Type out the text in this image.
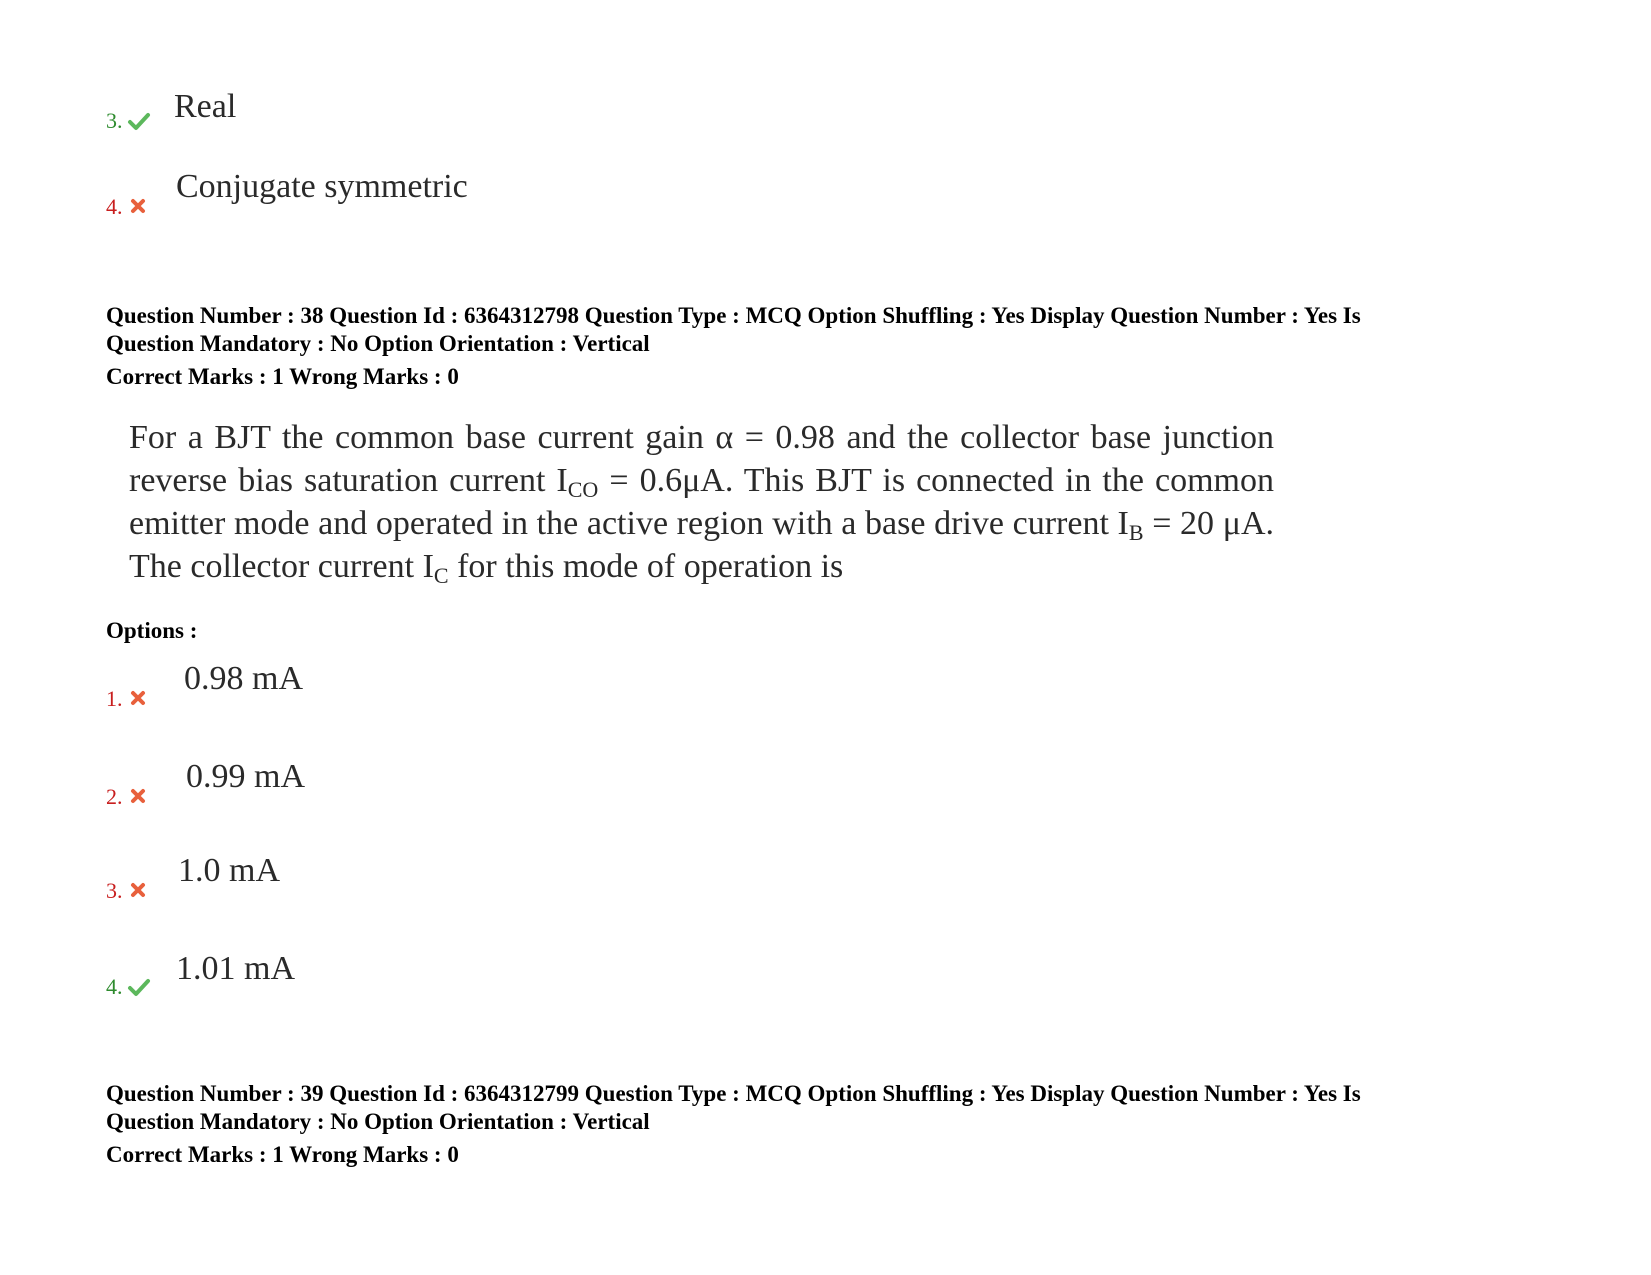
3. Real
4.
Conjugate symmetric
Question Number : 38 Question Id : 6364312798 Question Type : MCQ Option Shuffling : Yes Display Question Number : Yes Is
Question Mandatory : No Option Orientation : Vertical
Correct Marks : 1 Wrong Marks : 0
For a BJT the common base current gain α = 0.98 and the collector base junction reverse bias saturation current $I_{CO} = 0.6\mu A$. This BJT is connected in the common emitter mode and operated in the active region with a base drive current $I_B = 20$ μA. The collector current $I_C$ for this mode of operation is
Options :
1.
0.98 mA
2.
0.99 mA
3.
1.0 mA
4. 1.01 mA
Question Number : 39 Question Id : 6364312799 Question Type : MCQ Option Shuffling : Yes Display Question Number : Yes Is
Question Mandatory : No Option Orientation : Vertical
Correct Marks : 1 Wrong Marks : 0
